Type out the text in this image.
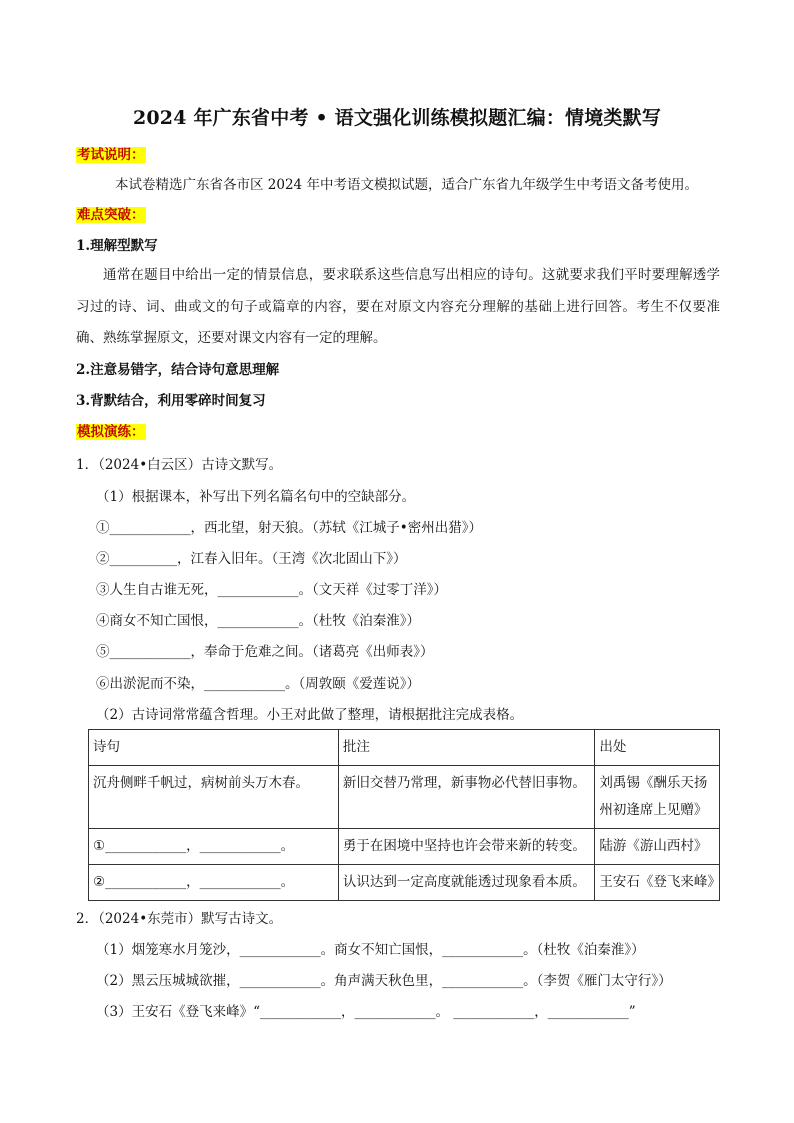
2024 年广东省中考 • 语文强化训练模拟题汇编：情境类默写
考试说明：
本试卷精选广东省各市区 2024 年中考语文模拟试题，适合广东省九年级学生中考语文备考使用。
难点突破：
1.理解型默写
通常在题目中给出一定的情景信息，要求联系这些信息写出相应的诗句。这就要求我们平时要理解透学习过的诗、词、曲或文的句子或篇章的内容，要在对原文内容充分理解的基础上进行回答。考生不仅要准确、熟练掌握原文，还要对课文内容有一定的理解。
2.注意易错字，结合诗句意思理解
3.背默结合，利用零碎时间复习
模拟演练：
1．（2024•白云区）古诗文默写。
（1）根据课本，补写出下列名篇名句中的空缺部分。
①____________，西北望，射天狼。（苏轼《江城子•密州出猎》）
②__________，江春入旧年。（王湾《次北固山下》）
③人生自古谁无死，____________。（文天祥《过零丁洋》）
④商女不知亡国恨，____________。（杜牧《泊秦淮》）
⑤____________，奉命于危难之间。（诸葛亮《出师表》）
⑥出淤泥而不染，____________。（周敦颐《爱莲说》）
（2）古诗词常常蕴含哲理。小王对此做了整理，请根据批注完成表格。
诗句	批注	出处
沉舟侧畔千帆过，病树前头万木春。	新旧交替乃常理，新事物必代替旧事物。	刘禹锡《酬乐天扬州初逢席上见赠》
①____________，____________。	勇于在困境中坚持也许会带来新的转变。	陆游《游山西村》
②____________，____________。	认识达到一定高度就能透过现象看本质。	王安石《登飞来峰》
2．（2024•东莞市）默写古诗文。
（1）烟笼寒水月笼沙，____________。商女不知亡国恨，____________。（杜牧《泊秦淮》）
（2）黑云压城城欲摧，____________。角声满天秋色里，____________。（李贺《雁门太守行》）
（3）王安石《登飞来峰》“____________，____________。 ____________，____________”
